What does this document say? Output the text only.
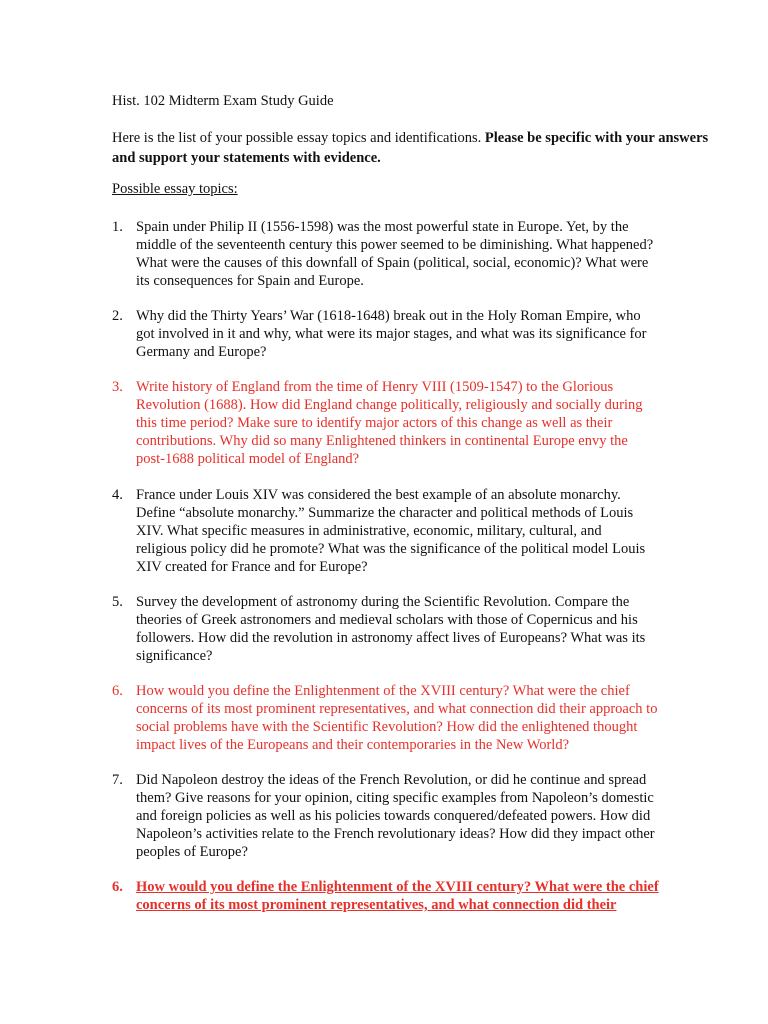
Hist. 102 Midterm Exam Study Guide
Here is the list of your possible essay topics and identifications. Please be specific with your answers and support your statements with evidence.
Possible essay topics:
1. Spain under Philip II (1556-1598) was the most powerful state in Europe. Yet, by the
middle of the seventeenth century this power seemed to be diminishing. What happened?
What were the causes of this downfall of Spain (political, social, economic)? What were
its consequences for Spain and Europe.
2. Why did the Thirty Years’ War (1618-1648) break out in the Holy Roman Empire, who
got involved in it and why, what were its major stages, and what was its significance for
Germany and Europe?
3. Write history of England from the time of Henry VIII (1509-1547) to the Glorious
Revolution (1688). How did England change politically, religiously and socially during
this time period? Make sure to identify major actors of this change as well as their
contributions. Why did so many Enlightened thinkers in continental Europe envy the
post-1688 political model of England?
4. France under Louis XIV was considered the best example of an absolute monarchy.
Define “absolute monarchy.” Summarize the character and political methods of Louis
XIV. What specific measures in administrative, economic, military, cultural, and
religious policy did he promote? What was the significance of the political model Louis
XIV created for France and for Europe?
5. Survey the development of astronomy during the Scientific Revolution. Compare the
theories of Greek astronomers and medieval scholars with those of Copernicus and his
followers. How did the revolution in astronomy affect lives of Europeans? What was its
significance?
6. How would you define the Enlightenment of the XVIII century? What were the chief
concerns of its most prominent representatives, and what connection did their approach to
social problems have with the Scientific Revolution? How did the enlightened thought
impact lives of the Europeans and their contemporaries in the New World?
7. Did Napoleon destroy the ideas of the French Revolution, or did he continue and spread
them? Give reasons for your opinion, citing specific examples from Napoleon’s domestic
and foreign policies as well as his policies towards conquered/defeated powers. How did
Napoleon’s activities relate to the French revolutionary ideas? How did they impact other
peoples of Europe?
6. How would you define the Enlightenment of the XVIII century? What were the chief
concerns of its most prominent representatives, and what connection did their
